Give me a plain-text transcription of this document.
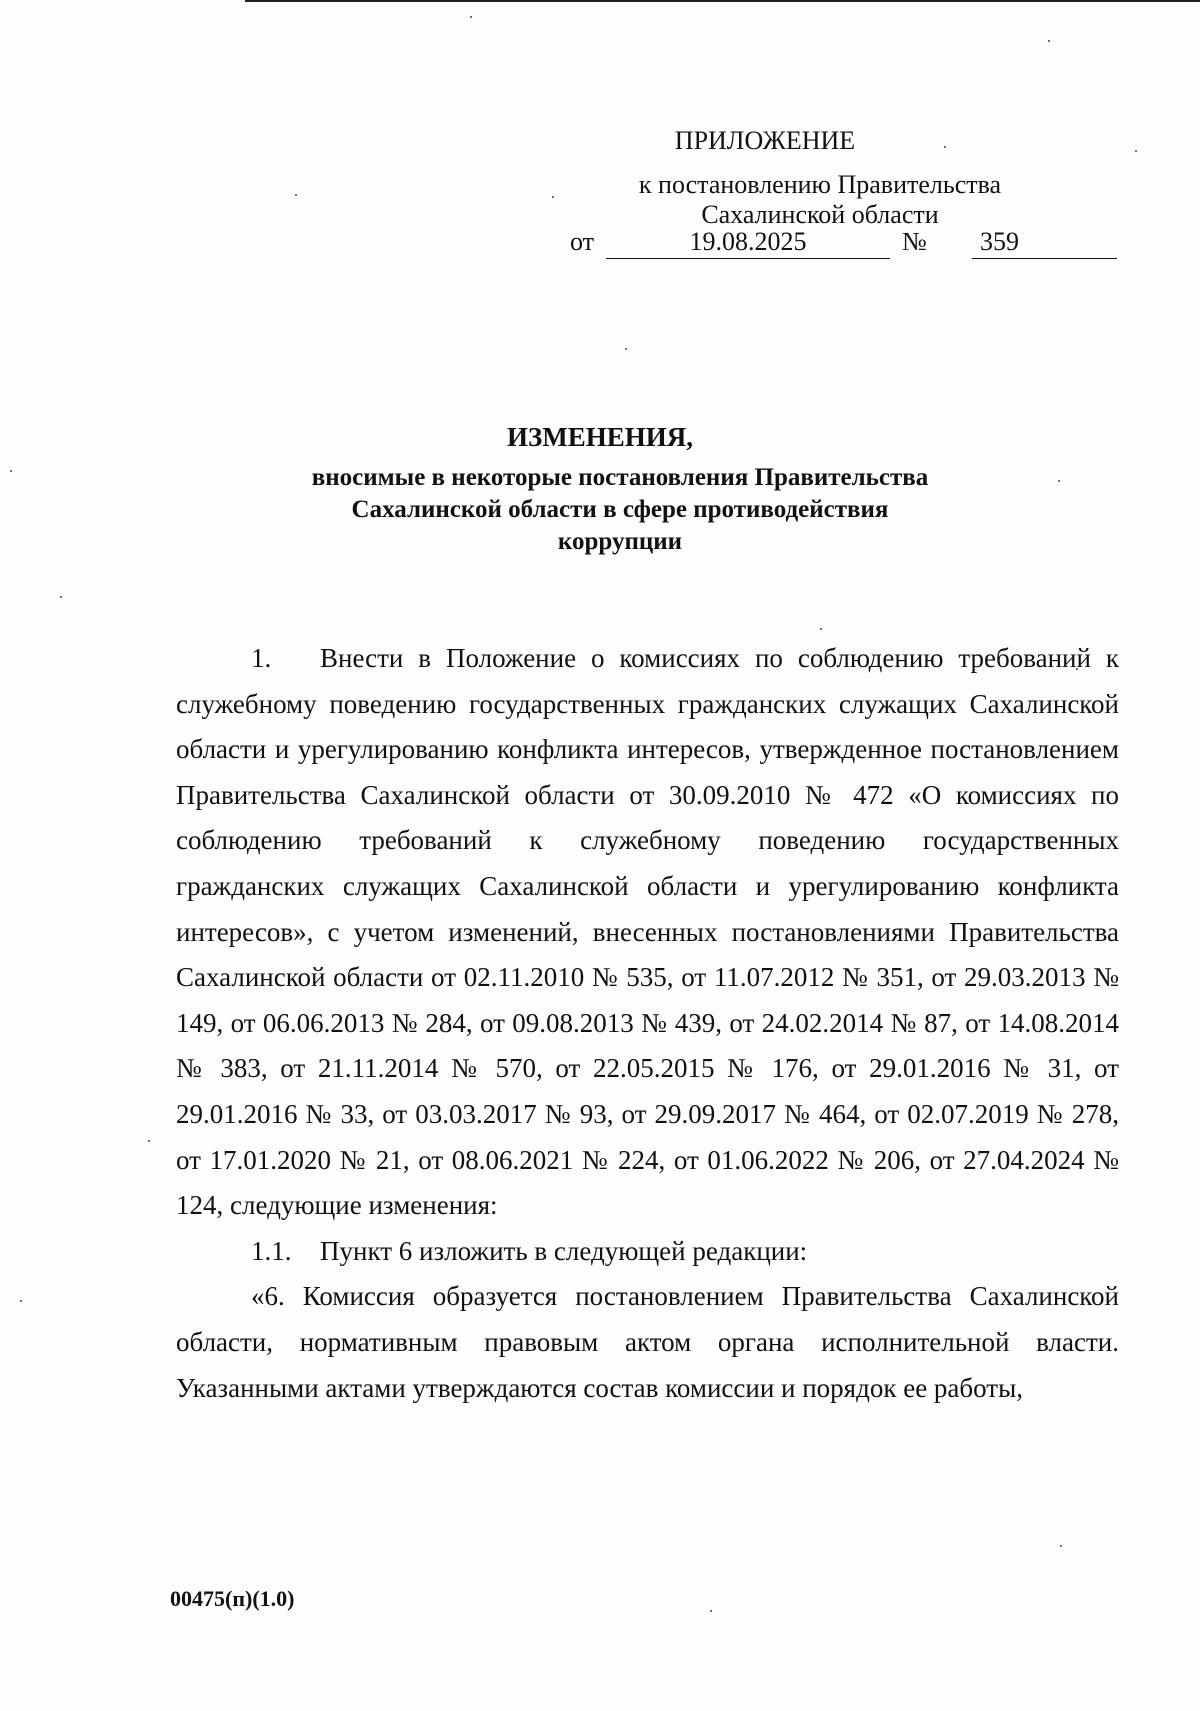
ПРИЛОЖЕНИЕ
к постановлению Правительства
Сахалинской области
от	19.08.2025	№ 359
ИЗМЕНЕНИЯ,
вносимые в некоторые постановления Правительства
Сахалинской области в сфере противодействия
коррупции

1. Внести в Положение о комиссиях по соблюдению требований к служебному поведению государственных гражданских служащих Сахалинской области и урегулированию конфликта интересов, утвержденное постановлением Правительства Сахалинской области от 30.09.2010 № 472 «О комиссиях по соблюдению требований к служебному поведению государственных гражданских служащих Сахалинской области и урегулированию конфликта интересов», с учетом изменений, внесенных постановлениями Правительства Сахалинской области от 02.11.2010 № 535, от 11.07.2012 № 351, от 29.03.2013 № 149, от 06.06.2013 № 284, от 09.08.2013 № 439, от 24.02.2014 № 87, от 14.08.2014 № 383, от 21.11.2014 № 570, от 22.05.2015 № 176, от 29.01.2016 № 31, от 29.01.2016 № 33, от 03.03.2017 № 93, от 29.09.2017 № 464, от 02.07.2019 № 278, от 17.01.2020 № 21, от 08.06.2021 № 224, от 01.06.2022 № 206, от 27.04.2024 № 124, следующие изменения:

1.1. Пункт 6 изложить в следующей редакции:

«6. Комиссия образуется постановлением Правительства Сахалинской области, нормативным правовым актом органа исполнительной власти. Указанными актами утверждаются состав комиссии и порядок ее работы,

00475(п)(1.0)
